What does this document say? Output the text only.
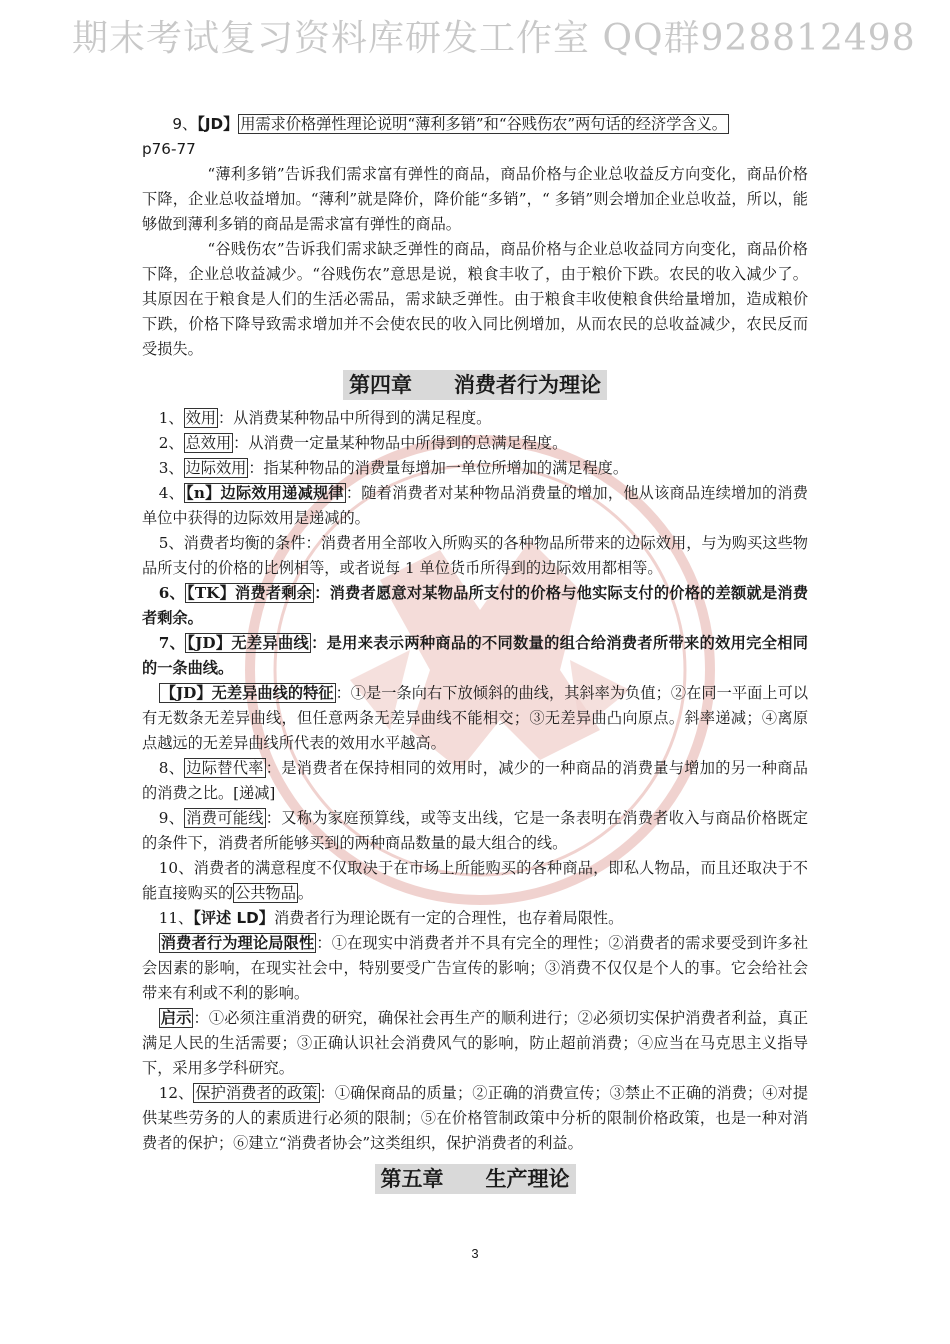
期末考试复习资料库研发工作室 QQ群928812498

9、【JD】 用需求价格弹性理论说明“薄利多销”和“谷贱伤农”两句话的经济学含义。

p76-77

“薄利多销”告诉我们需求富有弹性的商品，商品价格与企业总收益反方向变化，商品价格下降，企业总收益增加。“薄利”就是降价，降价能“多销”，“ 多销”则会增加企业总收益，所以，能够做到薄利多销的商品是需求富有弹性的商品。

“谷贱伤农”告诉我们需求缺乏弹性的商品，商品价格与企业总收益同方向变化，商品价格下降，企业总收益减少。“谷贱伤农”意思是说，粮食丰收了，由于粮价下跌。农民的收入减少了。其原因在于粮食是人们的生活必需品，需求缺乏弹性。由于粮食丰收使粮食供给量增加，造成粮价下跌，价格下降导致需求增加并不会使农民的收入同比例增加，从而农民的总收益减少，农民反而受损失。

第四章 消费者行为理论

1、 效用 ：从消费某种物品中所得到的满足程度。

2、 总效用 ：从消费一定量某种物品中所得到的总满足程度。

3、 边际效用 ：指某种物品的消费量每增加一单位所增加的满足程度。

4、 【n】边际效用递减规律 ：随着消费者对某种物品消费量的增加，他从该商品连续增加的消费单位中获得的边际效用是递减的。

5、消费者均衡的条件：消费者用全部收入所购买的各种物品所带来的边际效用，与为购买这些物品所支付的价格的比例相等，或者说每 1 单位货币所得到的边际效用都相等。

6、 【TK】消费者剩余 ：消费者愿意对某物品所支付的价格与他实际支付的价格的差额就是消费者剩余。

7、 【JD】无差异曲线 ：是用来表示两种商品的不同数量的组合给消费者所带来的效用完全相同的一条曲线。

【JD】无差异曲线的特征 ：①是一条向右下放倾斜的曲线，其斜率为负值；②在同一平面上可以有无数条无差异曲线，但任意两条无差异曲线不能相交；③无差异曲凸向原点。斜率递减；④离原点越远的无差异曲线所代表的效用水平越高。

8、 边际替代率 ：是消费者在保持相同的效用时，减少的一种商品的消费量与增加的另一种商品的消费之比。[递减]

9、 消费可能线 ：又称为家庭预算线，或等支出线，它是一条表明在消费者收入与商品价格既定的条件下，消费者所能够买到的两种商品数量的最大组合的线。

10、消费者的满意程度不仅取决于在市场上所能购买的各种商品，即私人物品，而且还取决于不能直接购买的 公共物品 。

11、【评述 LD】消费者行为理论既有一定的合理性，也存着局限性。

消费者行为理论局限性 ：①在现实中消费者并不具有完全的理性；②消费者的需求要受到许多社会因素的影响，在现实社会中，特别要受广告宣传的影响；③消费不仅仅是个人的事。它会给社会带来有利或不利的影响。

启示 ：①必须注重消费的研究，确保社会再生产的顺利进行；②必须切实保护消费者利益，真正满足人民的生活需要；③正确认识社会消费风气的影响，防止超前消费；④应当在马克思主义指导下，采用多学科研究。

12、 保护消费者的政策 ：①确保商品的质量；②正确的消费宣传；③禁止不正确的消费；④对提供某些劳务的人的素质进行必须的限制；⑤在价格管制政策中分析的限制价格政策，也是一种对消费者的保护；⑥建立“消费者协会”这类组织，保护消费者的利益。

第五章 生产理论
3
